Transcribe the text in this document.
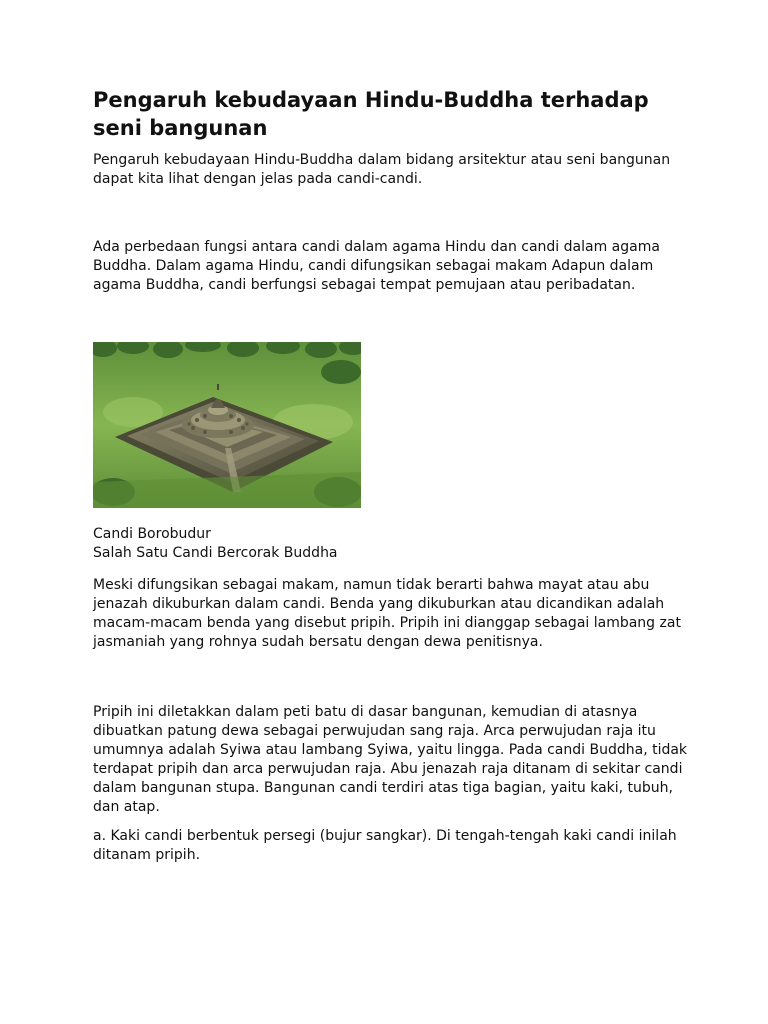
Pengaruh kebudayaan Hindu-Buddha terhadap seni bangunan

Pengaruh kebudayaan Hindu-Buddha dalam bidang arsitektur atau seni bangunan dapat kita lihat dengan jelas pada candi-candi.

Ada perbedaan fungsi antara candi dalam agama Hindu dan candi dalam agama Buddha. Dalam agama Hindu, candi difungsikan sebagai makam Adapun dalam agama Buddha, candi berfungsi sebagai tempat pemujaan atau peribadatan.

Candi Borobudur
Salah Satu Candi Bercorak Buddha

Meski difungsikan sebagai makam, namun tidak berarti bahwa mayat atau abu jenazah dikuburkan dalam candi. Benda yang dikuburkan atau dicandikan adalah macam-macam benda yang disebut pripih. Pripih ini dianggap sebagai lambang zat jasmaniah yang rohnya sudah bersatu dengan dewa penitisnya.

Pripih ini diletakkan dalam peti batu di dasar bangunan, kemudian di atasnya dibuatkan patung dewa sebagai perwujudan sang raja. Arca perwujudan raja itu umumnya adalah Syiwa atau lambang Syiwa, yaitu lingga. Pada candi Buddha, tidak terdapat pripih dan arca perwujudan raja. Abu jenazah raja ditanam di sekitar candi dalam bangunan stupa. Bangunan candi terdiri atas tiga bagian, yaitu kaki, tubuh, dan atap.

a. Kaki candi berbentuk persegi (bujur sangkar). Di tengah-tengah kaki candi inilah ditanam pripih.
